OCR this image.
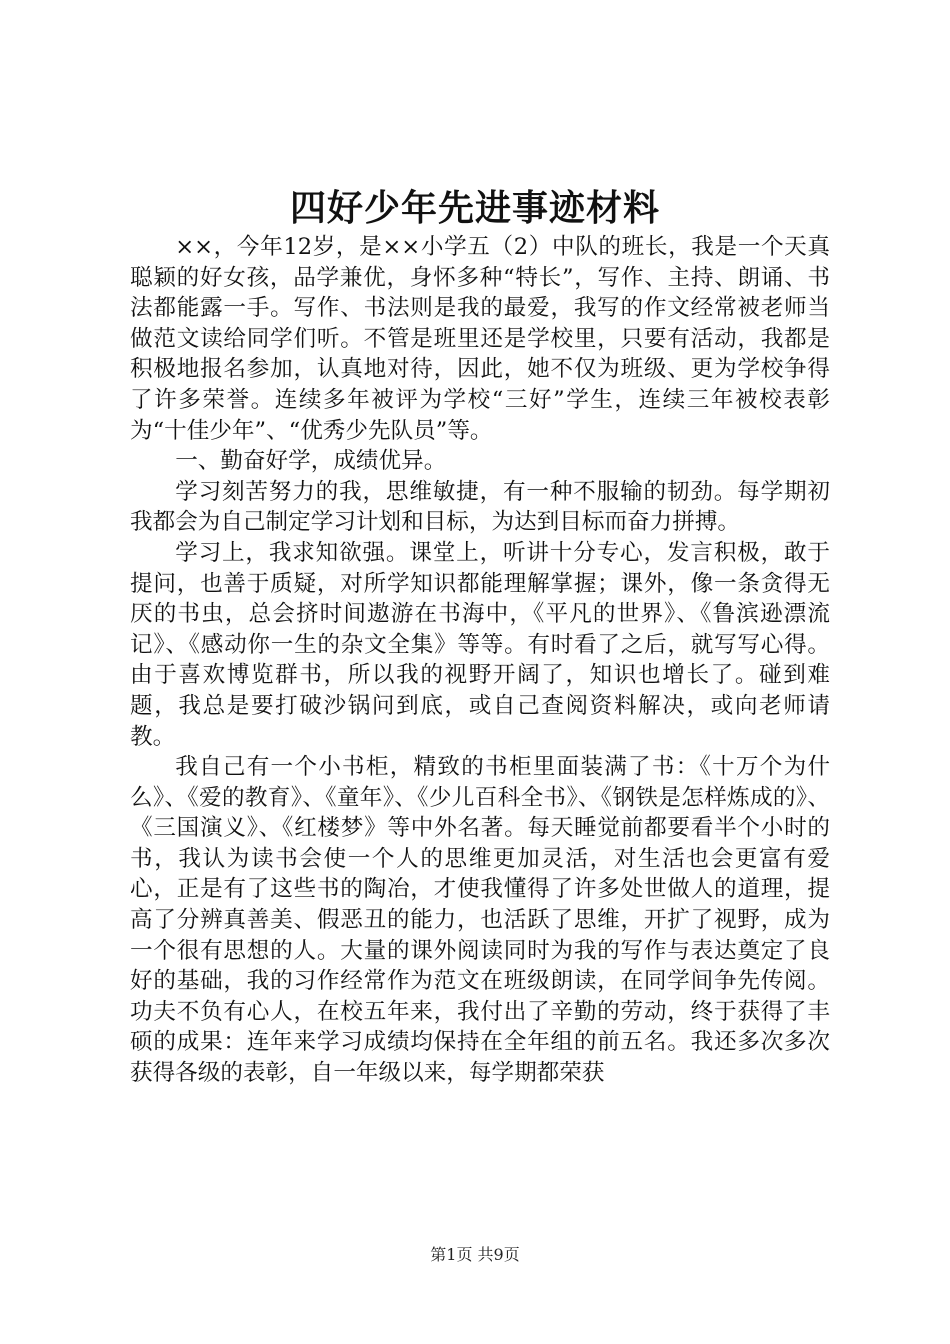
四好少年先进事迹材料

××，今年12岁，是××小学五（2）中队的班长，我是一个天真聪颖的好女孩，品学兼优，身怀多种“特长”，写作、主持、朗诵、书法都能露一手。写作、书法则是我的最爱，我写的作文经常被老师当做范文读给同学们听。不管是班里还是学校里，只要有活动，我都是积极地报名参加，认真地对待，因此，她不仅为班级、更为学校争得了许多荣誉。连续多年被评为学校“三好”学生，连续三年被校表彰为“十佳少年”、“优秀少先队员”等。

一、勤奋好学，成绩优异。

学习刻苦努力的我，思维敏捷，有一种不服输的韧劲。每学期初我都会为自己制定学习计划和目标，为达到目标而奋力拼搏。

学习上，我求知欲强。课堂上，听讲十分专心，发言积极，敢于提问，也善于质疑，对所学知识都能理解掌握；课外，像一条贪得无厌的书虫，总会挤时间遨游在书海中，《平凡的世界》、《鲁滨逊漂流记》、《感动你一生的杂文全集》等等。有时看了之后，就写写心得。由于喜欢博览群书，所以我的视野开阔了，知识也增长了。碰到难题，我总是要打破沙锅问到底，或自己查阅资料解决，或向老师请教。

我自己有一个小书柜，精致的书柜里面装满了书：《十万个为什么》、《爱的教育》、《童年》、《少儿百科全书》、《钢铁是怎样炼成的》、《三国演义》、《红楼梦》等中外名著。每天睡觉前都要看半个小时的书，我认为读书会使一个人的思维更加灵活，对生活也会更富有爱心，正是有了这些书的陶冶，才使我懂得了许多处世做人的道理，提高了分辨真善美、假恶丑的能力，也活跃了思维，开扩了视野，成为一个很有思想的人。大量的课外阅读同时为我的写作与表达奠定了良好的基础，我的习作经常作为范文在班级朗读，在同学间争先传阅。功夫不负有心人，在校五年来，我付出了辛勤的劳动，终于获得了丰硕的成果：连年来学习成绩均保持在全年组的前五名。我还多次多次获得各级的表彰，自一年级以来，每学期都荣获

第1页 共9页
